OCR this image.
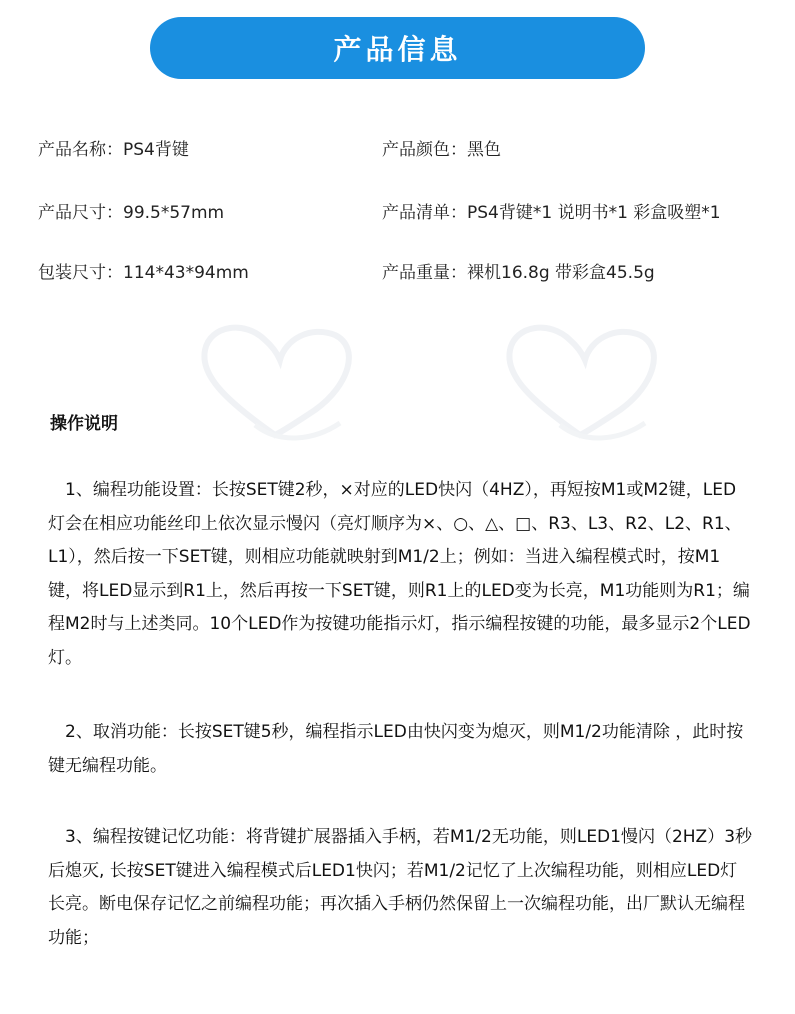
产品信息
产品名称：PS4背键	产品颜色：黑色
产品尺寸：99.5*57mm	产品清单：PS4背键*1 说明书*1 彩盒吸塑*1
包装尺寸：114*43*94mm	产品重量：裸机16.8g 带彩盒45.5g
操作说明

　1、编程功能设置：长按SET键2秒，×对应的LED快闪（4HZ），再短按M1或M2键，LED灯会在相应功能丝印上依次显示慢闪（亮灯顺序为×、○、△、□、R3、L3、R2、L2、R1、L1），然后按一下SET键，则相应功能就映射到M1/2上；例如：当进入编程模式时，按M1键，将LED显示到R1上，然后再按一下SET键，则R1上的LED变为长亮，M1功能则为R1；编程M2时与上述类同。10个LED作为按键功能指示灯，指示编程按键的功能，最多显示2个LED灯。

　2、取消功能：长按SET键5秒，编程指示LED由快闪变为熄灭，则M1/2功能清除 ，此时按键无编程功能。

　3、编程按键记忆功能：将背键扩展器插入手柄，若M1/2无功能，则LED1慢闪（2HZ）3秒后熄灭, 长按SET键进入编程模式后LED1快闪；若M1/2记忆了上次编程功能，则相应LED灯长亮。断电保存记忆之前编程功能；再次插入手柄仍然保留上一次编程功能，出厂默认无编程功能；
